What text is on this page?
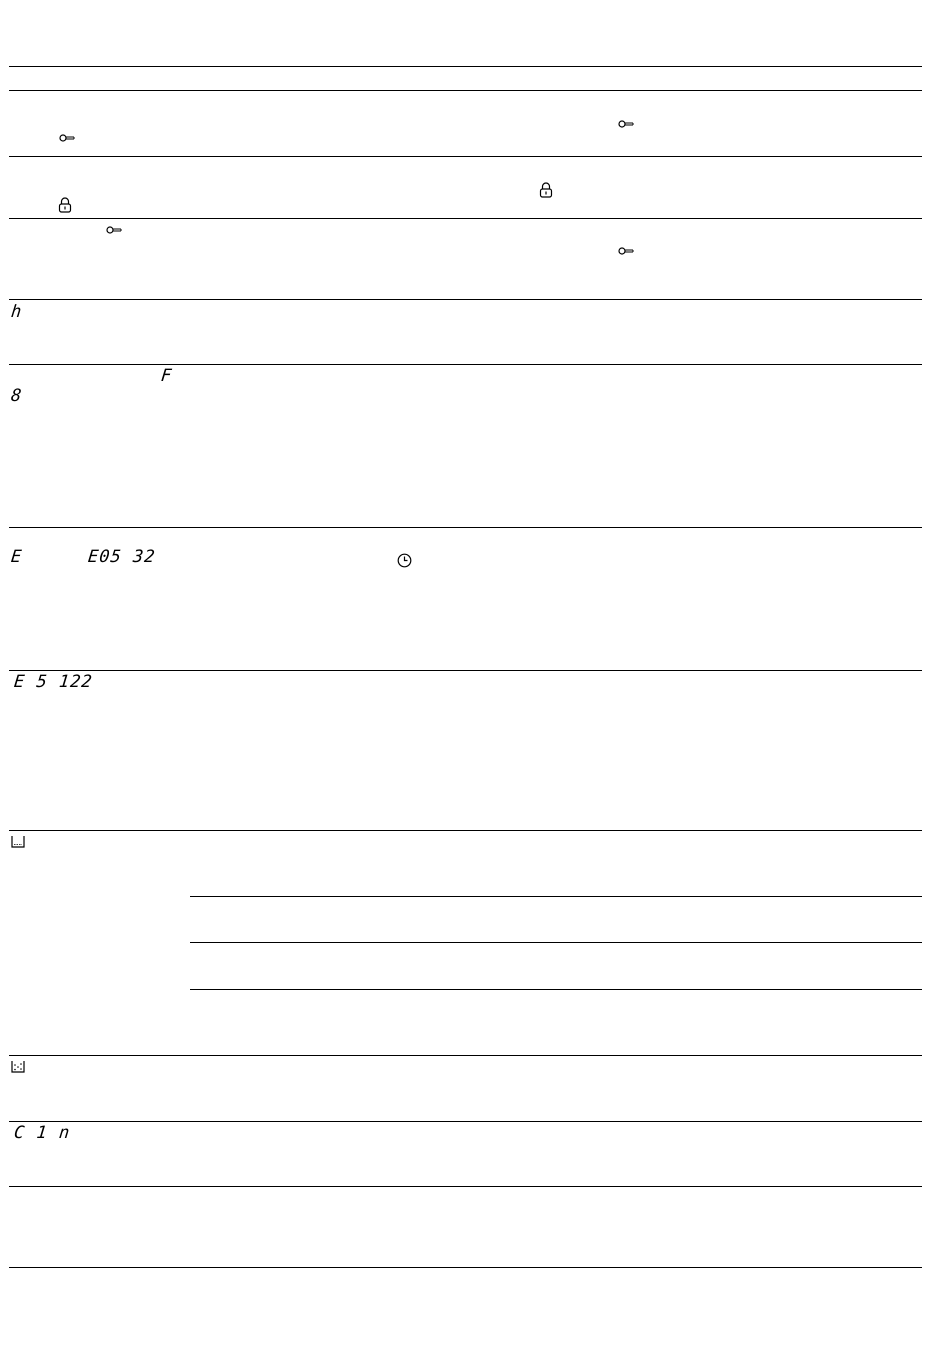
h
F
8
E	E05 32
E 5 122
C 1 n
